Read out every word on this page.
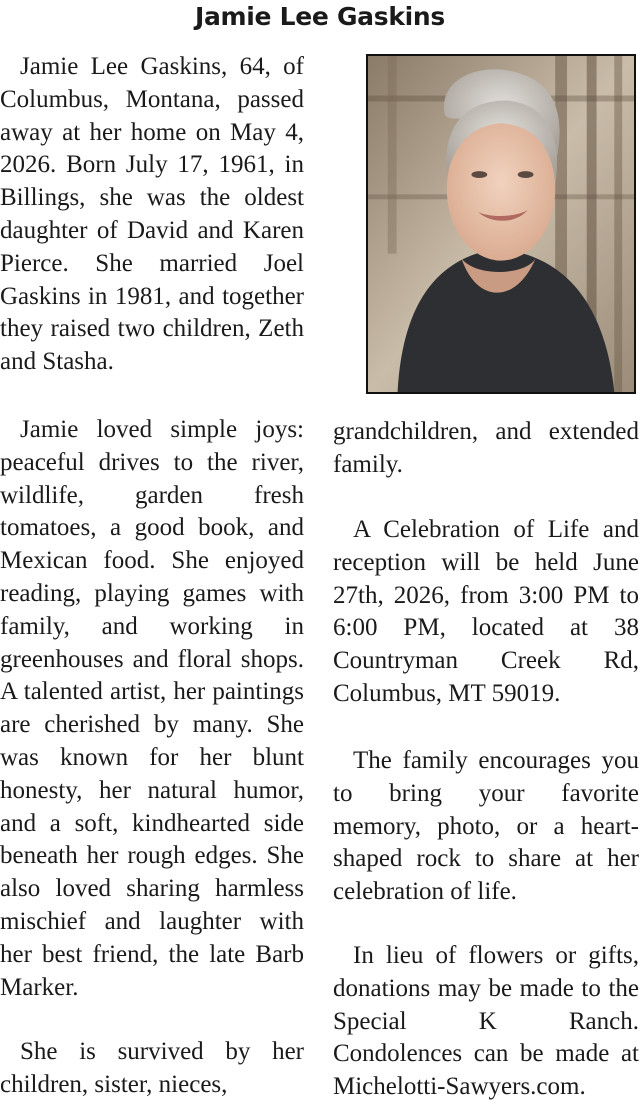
Jamie Lee Gaskins

Jamie Lee Gaskins, 64, of Columbus, Montana, passed away at her home on May 4, 2026. Born July 17, 1961, in Billings, she was the oldest daughter of David and Karen Pierce. She married Joel Gaskins in 1981, and together they raised two children, Zeth and Stasha.

Jamie loved simple joys: peaceful drives to the river, wildlife, garden fresh tomatoes, a good book, and Mexican food. She enjoyed reading, playing games with family, and working in greenhouses and floral shops. A talented artist, her paintings are cherished by many. She was known for her blunt honesty, her natural humor, and a soft, kindhearted side beneath her rough edges. She also loved sharing harmless mischief and laughter with her best friend, the late Barb Marker.

She is survived by her children, sister, nieces,

grandchildren, and extended family.

A Celebration of Life and reception will be held June 27th, 2026, from 3:00 PM to 6:00 PM, located at 38 Countryman Creek Rd, Columbus, MT 59019.

The family encourages you to bring your favorite memory, photo, or a heart-shaped rock to share at her celebration of life.

In lieu of flowers or gifts, donations may be made to the Special K Ranch. Condolences can be made at Michelotti-Sawyers.com.
